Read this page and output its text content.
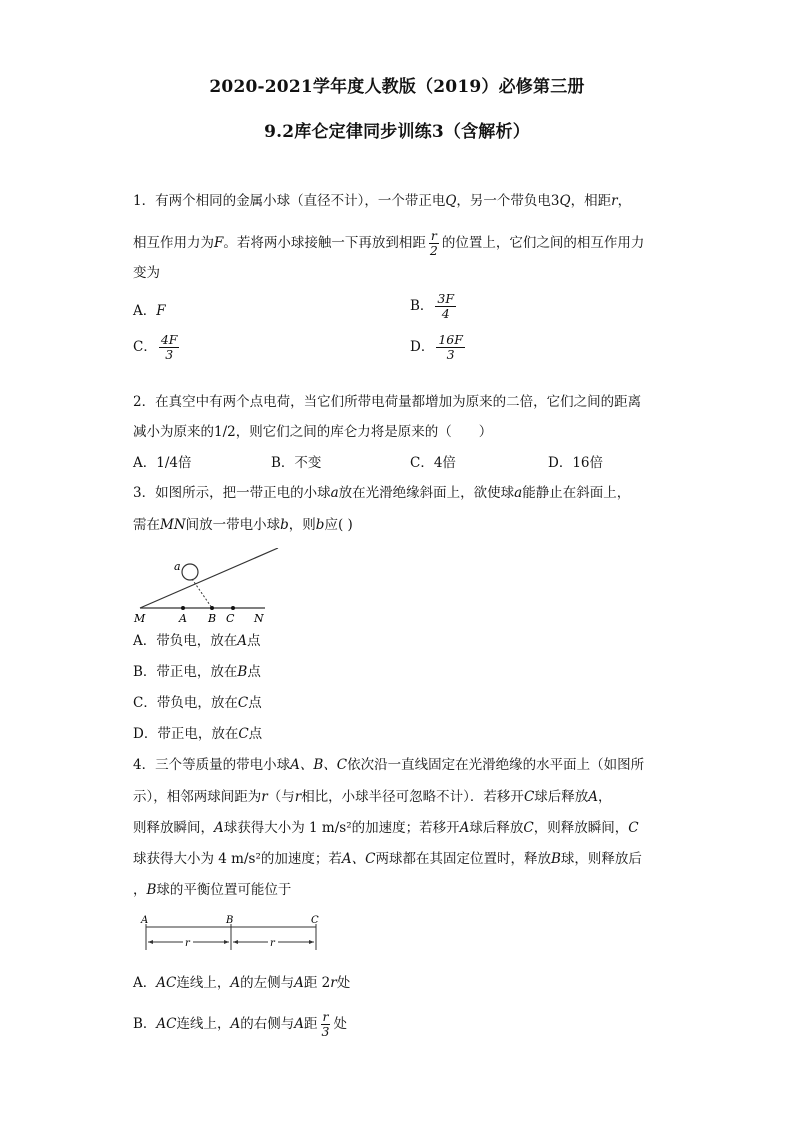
2020-2021学年度人教版（2019）必修第三册
9.2库仑定律同步训练3（含解析）
1．有两个相同的金属小球（直径不计），一个带正电Q，另一个带负电3Q，相距r，
相互作用力为F。若将两小球接触一下再放到相距 $\frac{r}{2}$ 的位置上，它们之间的相互作用力
变为
A．F	B． $\frac{3F}{4}$
C． $\frac{4F}{3}$	D． $\frac{16F}{3}$
2．在真空中有两个点电荷，当它们所带电荷量都增加为原来的二倍，它们之间的距离
减小为原来的1/2，则它们之间的库仑力将是原来的（　　）
A．1/4倍	B．不变	C．4倍	D．16倍
3．如图所示，把一带正电的小球a放在光滑绝缘斜面上，欲使球a能静止在斜面上，
需在MN间放一带电小球b，则b应( )
a
M	A B C N
A．带负电，放在A点
B．带正电，放在B点
C．带负电，放在C点
D．带正电，放在C点
4．三个等质量的带电小球A、B、C依次沿一直线固定在光滑绝缘的水平面上（如图所
示），相邻两球间距为r（与r相比，小球半径可忽略不计）．若移开C球后释放A，
则释放瞬间，A球获得大小为 1 m/s²的加速度；若移开A球后释放C，则释放瞬间，C
球获得大小为 4 m/s²的加速度；若A、C两球都在其固定位置时，释放B球，则释放后
，B球的平衡位置可能位于
A	B	C
r	r
A．AC连线上，A的左侧与A距 2r处
B．AC连线上，A的右侧与A距 $\frac{r}{3}$ 处
